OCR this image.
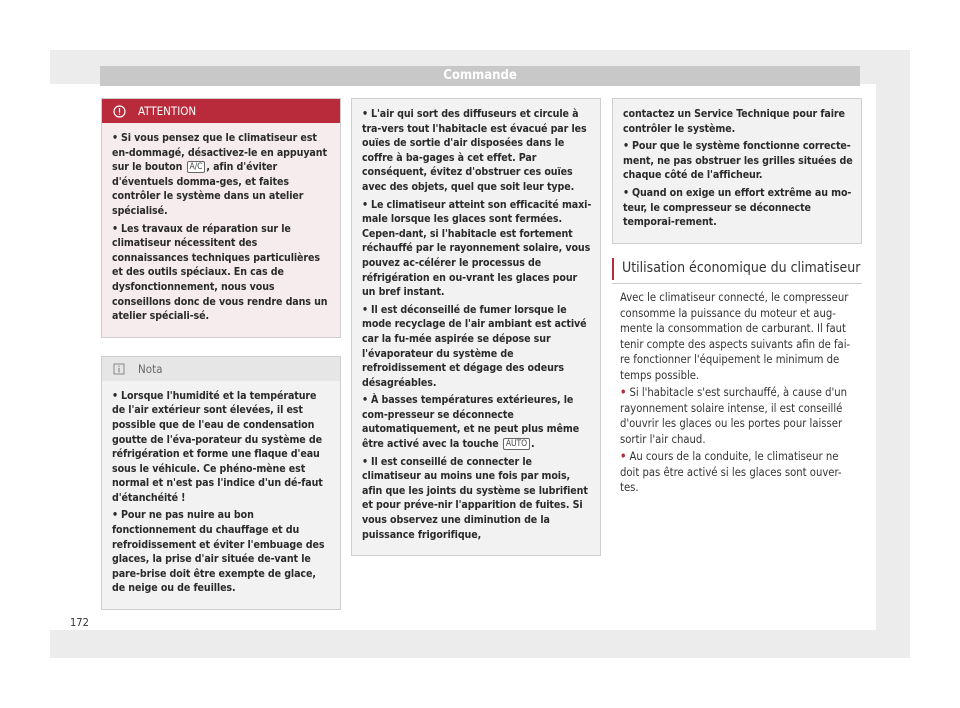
Commande
ATTENTION

• Si vous pensez que le climatiseur est en-dommagé, désactivez-le en appuyant sur le bouton A/C , afin d'éviter d'éventuels domma-ges, et faites contrôler le système dans un atelier spécialisé.

• Les travaux de réparation sur le climatiseur nécessitent des connaissances techniques particulières et des outils spéciaux. En cas de dysfonctionnement, nous vous conseillons donc de vous rendre dans un atelier spéciali-sé.

Nota

• Lorsque l'humidité et la température de l'air extérieur sont élevées, il est possible que de l'eau de condensation goutte de l'éva-porateur du système de réfrigération et forme une flaque d'eau sous le véhicule. Ce phéno-mène est normal et n'est pas l'indice d'un dé-faut d'étanchéité !

• Pour ne pas nuire au bon fonctionnement du chauffage et du refroidissement et éviter l'embuage des glaces, la prise d'air située de-vant le pare-brise doit être exempte de glace, de neige ou de feuilles.

• L'air qui sort des diffuseurs et circule à tra-vers tout l'habitacle est évacué par les ouïes de sortie d'air disposées dans le coffre à ba-gages à cet effet. Par conséquent, évitez d'obstruer ces ouïes avec des objets, quel que soit leur type.

• Le climatiseur atteint son efficacité maxi-male lorsque les glaces sont fermées. Cepen-dant, si l'habitacle est fortement réchauffé par le rayonnement solaire, vous pouvez ac-célérer le processus de réfrigération en ou-vrant les glaces pour un bref instant.

• Il est déconseillé de fumer lorsque le mode recyclage de l'air ambiant est activé car la fu-mée aspirée se dépose sur l'évaporateur du système de refroidissement et dégage des odeurs désagréables.

• À basses températures extérieures, le com-presseur se déconnecte automatiquement, et ne peut plus même être activé avec la touche AUTO .

• Il est conseillé de connecter le climatiseur au moins une fois par mois, afin que les joints du système se lubrifient et pour préve-nir l'apparition de fuites. Si vous observez une diminution de la puissance frigorifique,

contactez un Service Technique pour faire contrôler le système.

• Pour que le système fonctionne correcte-ment, ne pas obstruer les grilles situées de chaque côté de l'afficheur.

• Quand on exige un effort extrême au mo-teur, le compresseur se déconnecte temporai-rement.

Utilisation économique du climatiseur

Avec le climatiseur connecté, le compresseur consomme la puissance du moteur et aug-mente la consommation de carburant. Il faut tenir compte des aspects suivants afin de fai-re fonctionner l'équipement le minimum de temps possible.

• Si l'habitacle s'est surchauffé, à cause d'un rayonnement solaire intense, il est conseillé d'ouvrir les glaces ou les portes pour laisser sortir l'air chaud.

• Au cours de la conduite, le climatiseur ne doit pas être activé si les glaces sont ouver-tes.

172
